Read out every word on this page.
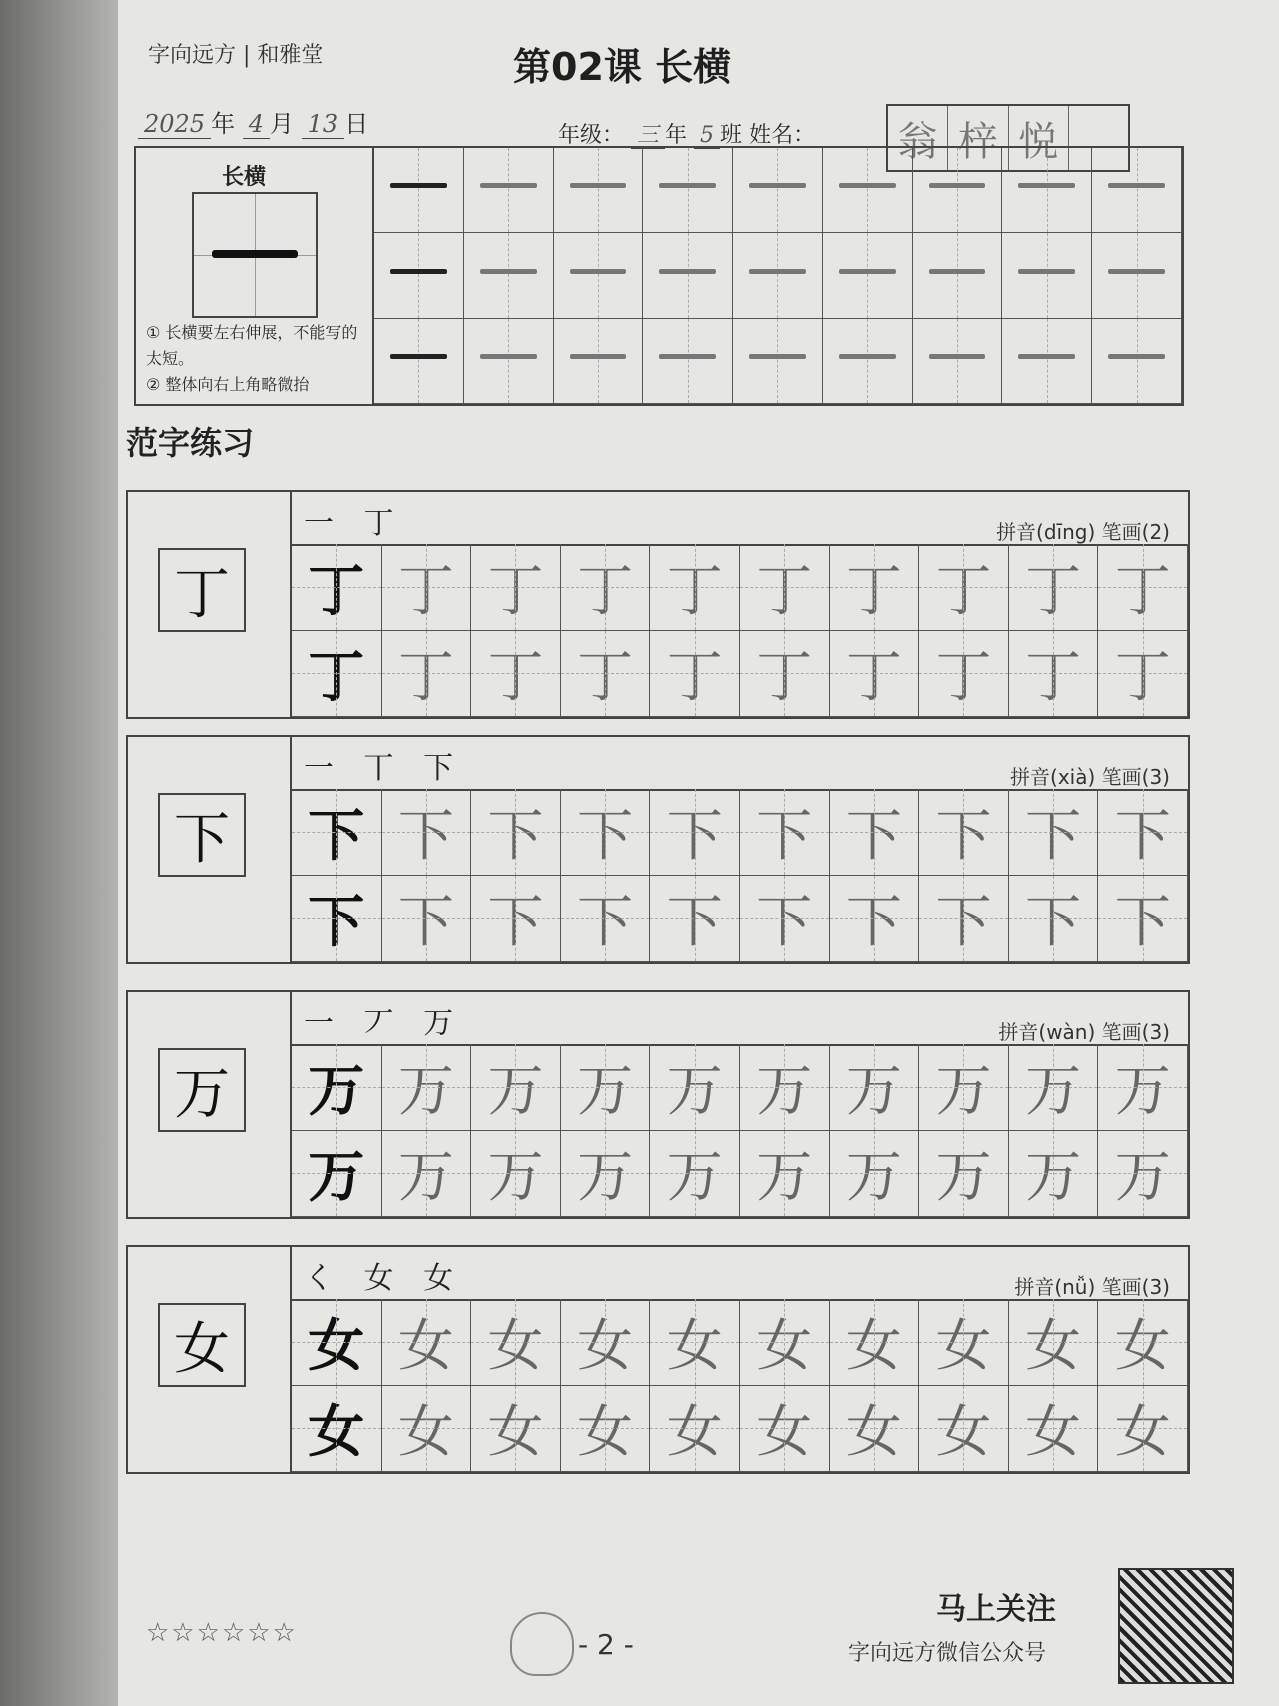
字向远方 | 和雅堂	第02课 长横
2025 年 4 月 13 日	年级： 三 年 5 班 姓名： 翁 梓 悦
长横
① 长横要左右伸展，不能写的太短。
② 整体向右上角略微抬
范字练习
丁
一 丁	拼音(dīng) 笔画(2)
丁 丁 丁 丁 丁 丁 丁 丁 丁 丁
丁 丁 丁 丁 丁 丁 丁 丁 丁 丁
下
一 丅 下	拼音(xià) 笔画(3)
下 下 下 下 下 下 下 下 下 下
下 下 下 下 下 下 下 下 下 下
万
一 丆 万	拼音(wàn) 笔画(3)
万 万 万 万 万 万 万 万 万 万
万 万 万 万 万 万 万 万 万 万
女
く 女 女	拼音(nǚ) 笔画(3)
女 女 女 女 女 女 女 女 女 女
女 女 女 女 女 女 女 女 女 女
☆☆☆☆☆☆	- 2 -
马上关注
字向远方微信公众号
